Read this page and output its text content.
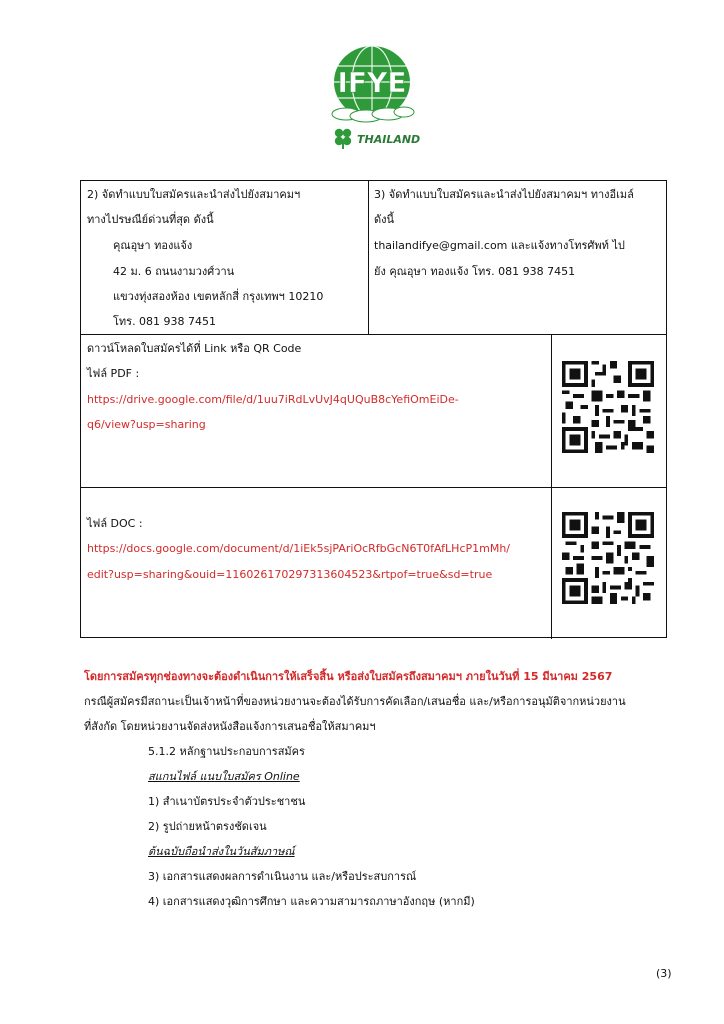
IFYE
THAILAND
2) จัดทำแบบใบสมัครและนำส่งไปยังสมาคมฯ
ทางไปรษณีย์ด่วนที่สุด ดังนี้
คุณอุษา ทองแจ้ง
42 ม. 6 ถนนงามวงศ์วาน
แขวงทุ่งสองห้อง เขตหลักสี่ กรุงเทพฯ 10210
โทร. 081 938 7451
3) จัดทำแบบใบสมัครและนำส่งไปยังสมาคมฯ ทางอีเมล์
ดังนี้
thailandifye@gmail.com และแจ้งทางโทรศัพท์ ไป
ยัง คุณอุษา ทองแจ้ง โทร. 081 938 7451
ดาวน์โหลดใบสมัครได้ที่ Link หรือ QR Code
ไฟล์ PDF :
https://drive.google.com/file/d/1uu7iRdLvUvJ4qUQuB8cYefiOmEiDe-
q6/view?usp=sharing
ไฟล์ DOC :
https://docs.google.com/document/d/1iEk5sjPAriOcRfbGcN6T0fAfLHcP1mMh/
edit?usp=sharing&ouid=116026170297313604523&rtpof=true&sd=true
โดยการสมัครทุกช่องทางจะต้องดำเนินการให้เสร็จสิ้น หรือส่งใบสมัครถึงสมาคมฯ ภายในวันที่ 15 มีนาคม 2567
กรณีผู้สมัครมีสถานะเป็นเจ้าหน้าที่ของหน่วยงานจะต้องได้รับการคัดเลือก/เสนอชื่อ และ/หรือการอนุมัติจากหน่วยงาน
ที่สังกัด โดยหน่วยงานจัดส่งหนังสือแจ้งการเสนอชื่อให้สมาคมฯ
5.1.2 หลักฐานประกอบการสมัคร
สแกนไฟล์ แนบใบสมัคร Online
1) สำเนาบัตรประจำตัวประชาชน
2) รูปถ่ายหน้าตรงชัดเจน
ต้นฉบับถือนำส่งในวันสัมภาษณ์
3) เอกสารแสดงผลการดำเนินงาน และ/หรือประสบการณ์
4) เอกสารแสดงวุฒิการศึกษา และความสามารถภาษาอังกฤษ (หากมี)
(3)
